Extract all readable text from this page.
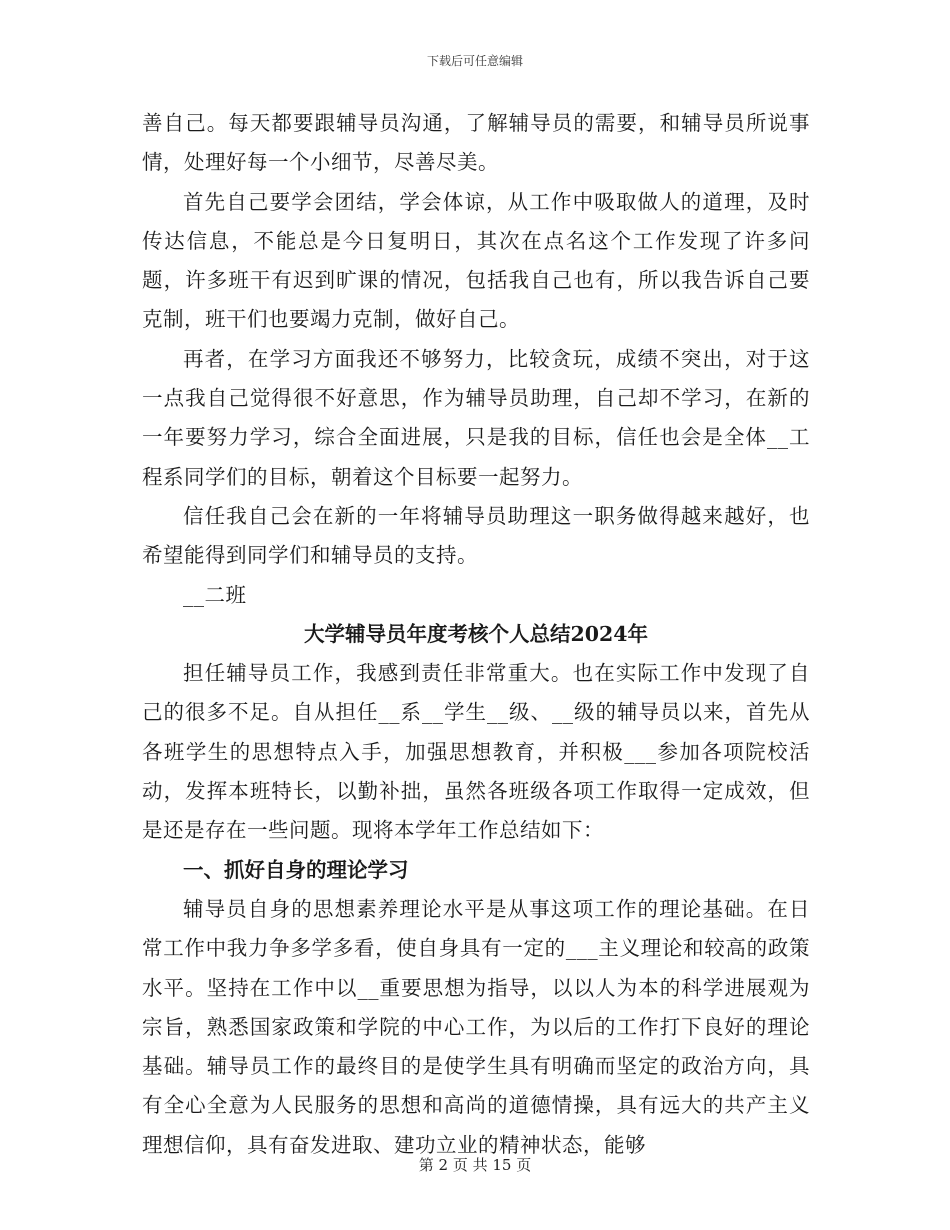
下载后可任意编辑

善自己。每天都要跟辅导员沟通，了解辅导员的需要，和辅导员所说事情，处理好每一个小细节，尽善尽美。

首先自己要学会团结，学会体谅，从工作中吸取做人的道理，及时传达信息，不能总是今日复明日，其次在点名这个工作发现了许多问题，许多班干有迟到旷课的情况，包括我自己也有，所以我告诉自己要克制，班干们也要竭力克制，做好自己。

再者，在学习方面我还不够努力，比较贪玩，成绩不突出，对于这一点我自己觉得很不好意思，作为辅导员助理，自己却不学习，在新的一年要努力学习，综合全面进展，只是我的目标，信任也会是全体__工程系同学们的目标，朝着这个目标要一起努力。

信任我自己会在新的一年将辅导员助理这一职务做得越来越好，也希望能得到同学们和辅导员的支持。

__二班

大学辅导员年度考核个人总结2024年

担任辅导员工作，我感到责任非常重大。也在实际工作中发现了自己的很多不足。自从担任__系__学生__级、__级的辅导员以来，首先从各班学生的思想特点入手，加强思想教育，并积极___参加各项院校活动，发挥本班特长，以勤补拙，虽然各班级各项工作取得一定成效，但是还是存在一些问题。现将本学年工作总结如下：

一、抓好自身的理论学习

辅导员自身的思想素养理论水平是从事这项工作的理论基础。在日常工作中我力争多学多看，使自身具有一定的___主义理论和较高的政策水平。坚持在工作中以__重要思想为指导，以以人为本的科学进展观为宗旨，熟悉国家政策和学院的中心工作，为以后的工作打下良好的理论基础。辅导员工作的最终目的是使学生具有明确而坚定的政治方向，具有全心全意为人民服务的思想和高尚的道德情操，具有远大的共产主义理想信仰，具有奋发进取、建功立业的精神状态，能够

第 2 页 共 15 页
